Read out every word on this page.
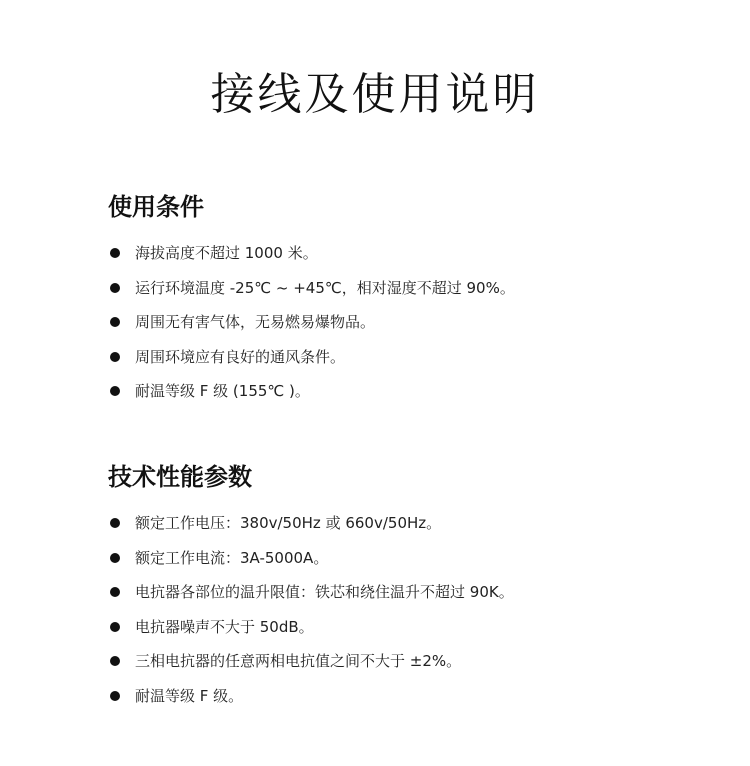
接线及使用说明
使用条件
海拔高度不超过 1000 米。
运行环境温度 -25℃ ~ +45℃，相对湿度不超过 90%。
周围无有害气体，无易燃易爆物品。
周围环境应有良好的通风条件。
耐温等级 F 级 (155℃ )。
技术性能参数
额定工作电压：380v/50Hz 或 660v/50Hz。
额定工作电流：3A-5000A。
电抗器各部位的温升限值：铁芯和绕住温升不超过 90K。
电抗器噪声不大于 50dB。
三相电抗器的任意两相电抗值之间不大于 ±2%。
耐温等级 F 级。
